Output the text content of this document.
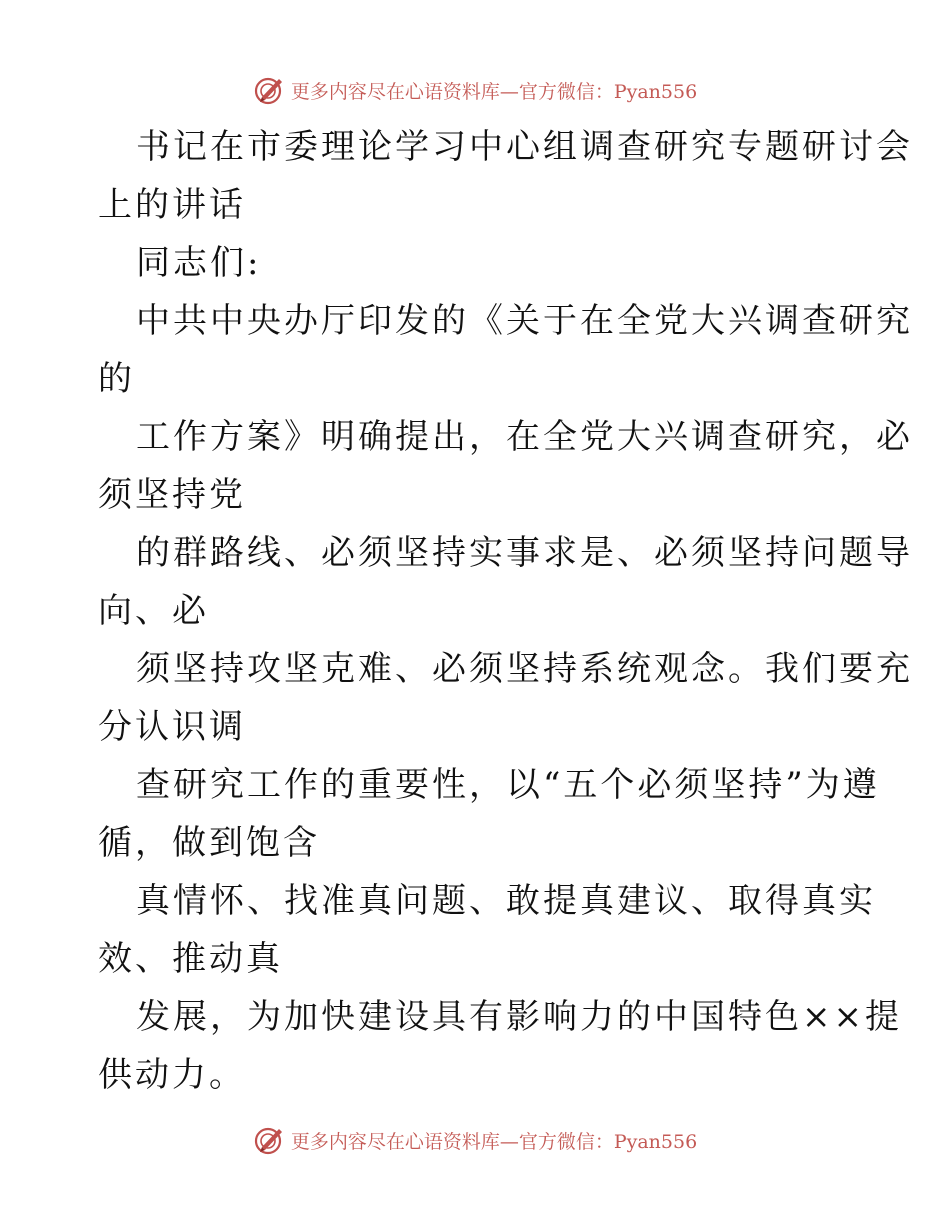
更多内容尽在心语资料库—官方微信：Pyan556
书记在市委理论学习中心组调查研究专题研讨会
上的讲话
同志们:
中共中央办厅印发的《关于在全党大兴调查研究
的
工作方案》明确提出，在全党大兴调查研究，必
须坚持党
的群路线、必须坚持实事求是、必须坚持问题导
向、必
须坚持攻坚克难、必须坚持系统观念。我们要充
分认识调
查研究工作的重要性，以“五个必须坚持”为遵
循，做到饱含
真情怀、找准真问题、敢提真建议、取得真实
效、推动真
发展，为加快建设具有影响力的中国特色××提
供动力。
更多内容尽在心语资料库—官方微信：Pyan556
